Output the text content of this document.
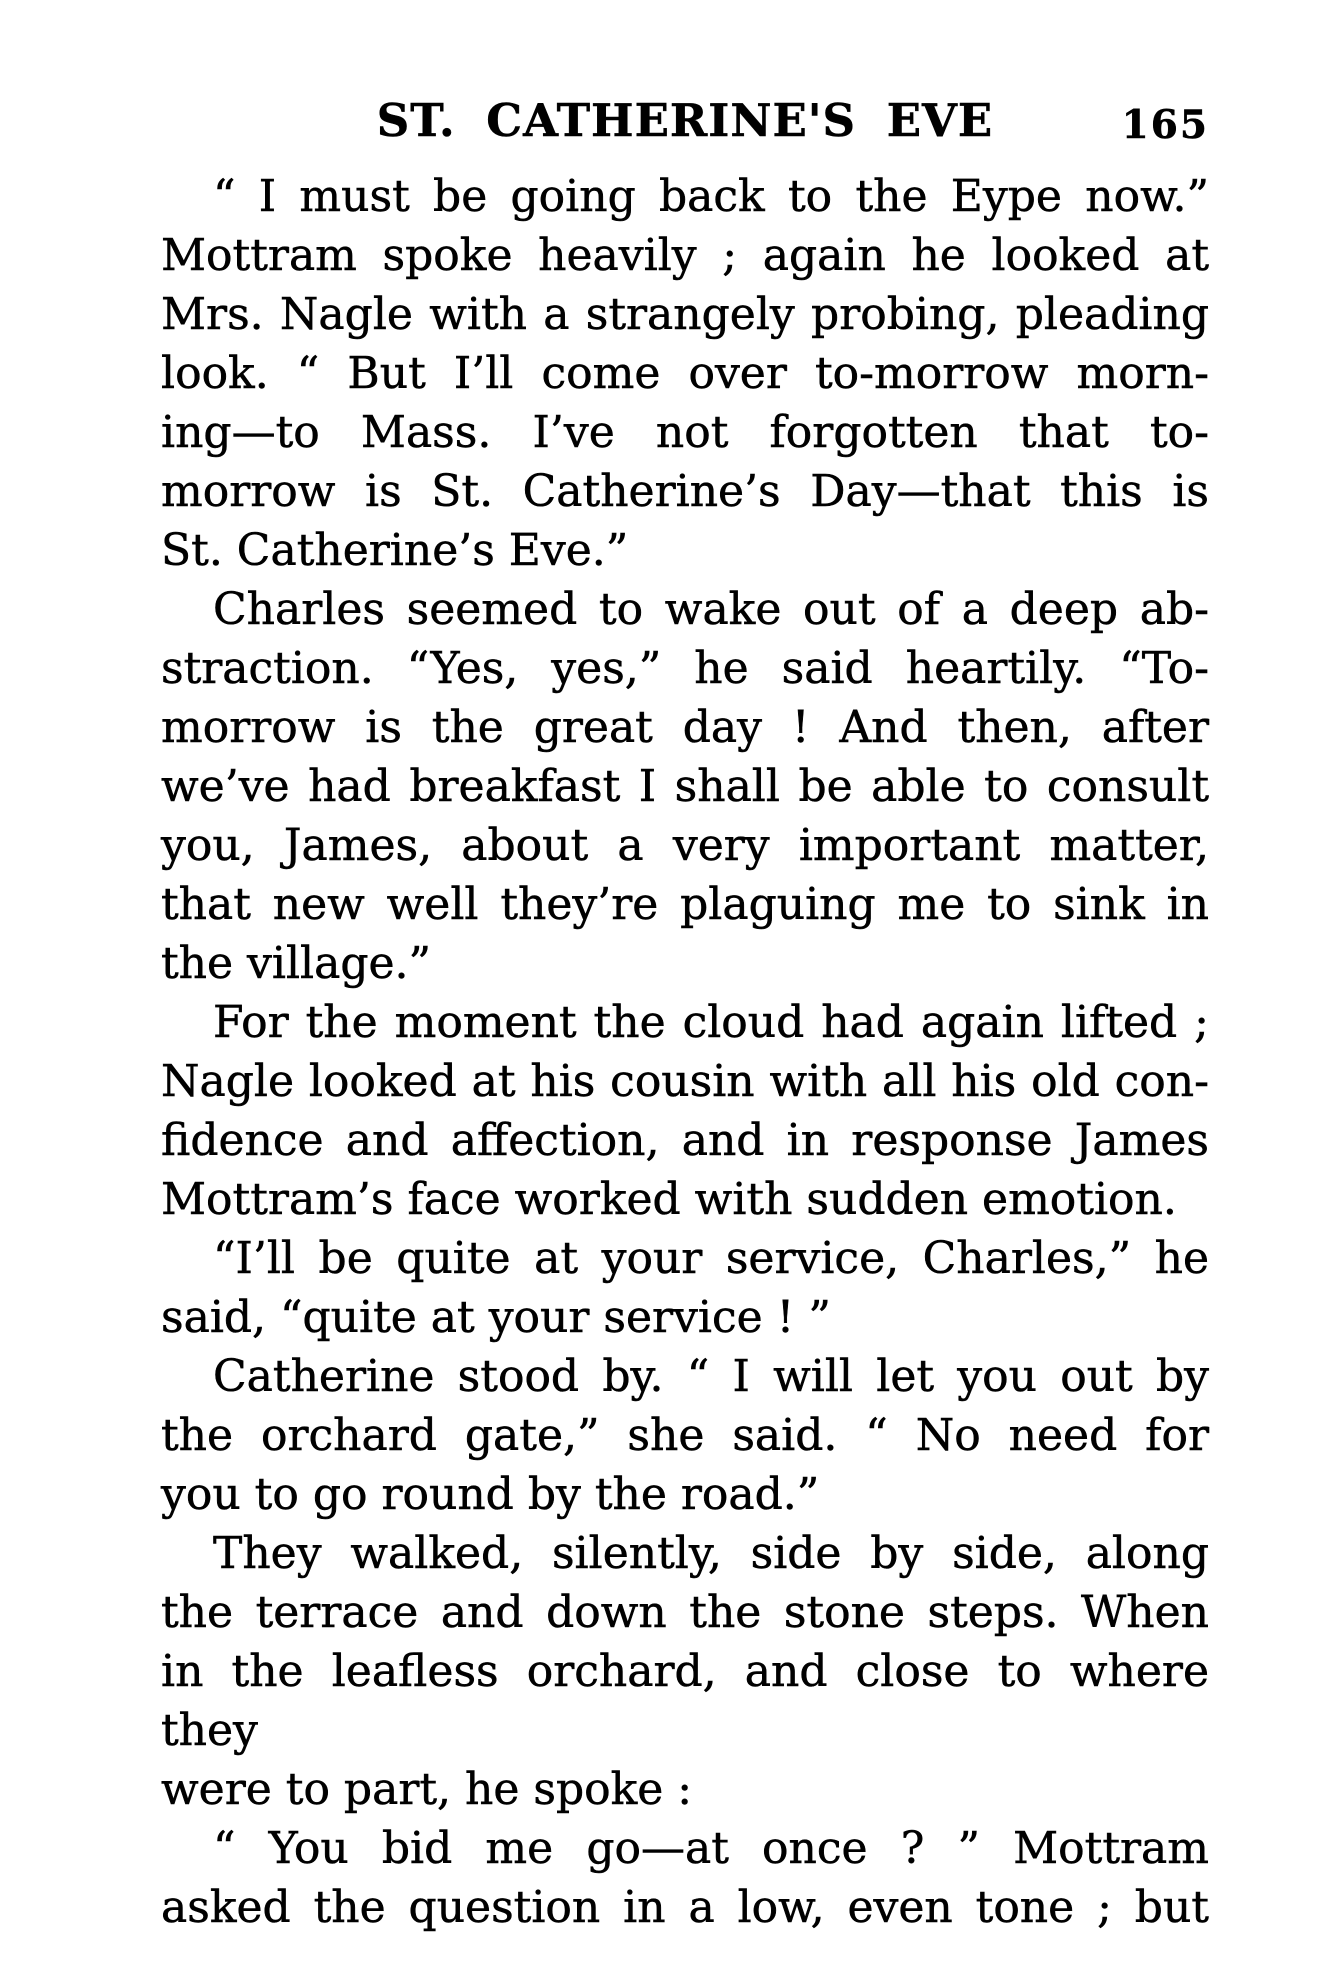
ST. CATHERINE'S EVE	165
“ I must be going back to the Eype now.”
Mottram spoke heavily ; again he looked at
Mrs. Nagle with a strangely probing, pleading
look. “ But I’ll come over to-morrow morn-
ing—to Mass. I’ve not forgotten that to-
morrow is St. Catherine’s Day—that this is
St. Catherine’s Eve.”
Charles seemed to wake out of a deep ab-
straction. “Yes, yes,” he said heartily. “To-
morrow is the great day ! And then, after
we’ve had breakfast I shall be able to consult
you, James, about a very important matter,
that new well they’re plaguing me to sink in
the village.”
For the moment the cloud had again lifted ;
Nagle looked at his cousin with all his old con-
fidence and affection, and in response James
Mottram’s face worked with sudden emotion.
“I’ll be quite at your service, Charles,” he
said, “quite at your service ! ”
Catherine stood by. “ I will let you out by
the orchard gate,” she said. “ No need for
you to go round by the road.”
They walked, silently, side by side, along
the terrace and down the stone steps. When
in the leafless orchard, and close to where they
were to part, he spoke :
“ You bid me go—at once ? ” Mottram
asked the question in a low, even tone ; but
